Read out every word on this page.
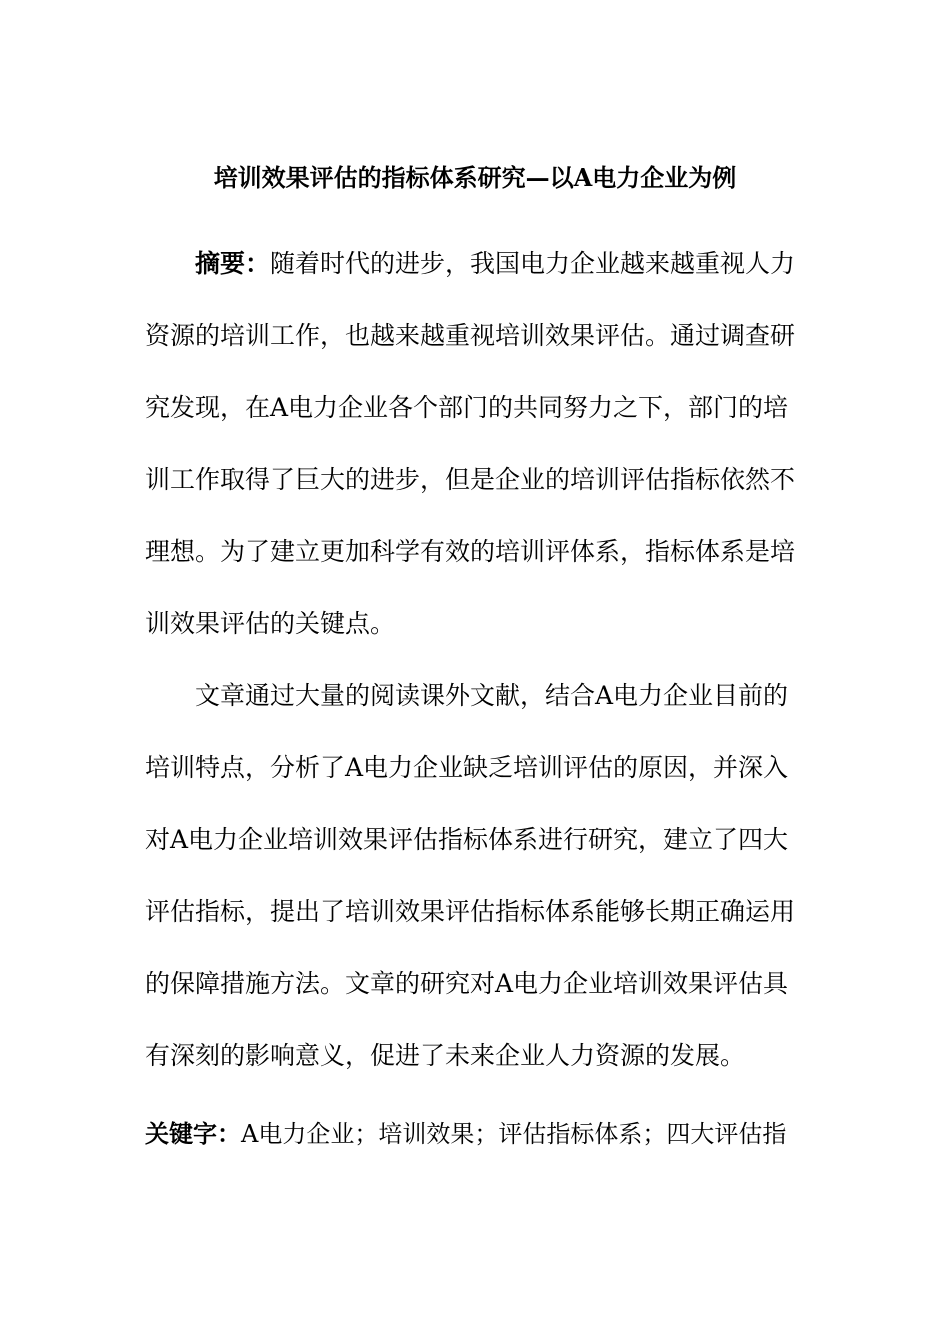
培训效果评估的指标体系研究—以A电力企业为例
摘要：随着时代的进步，我国电力企业越来越重视人力
资源的培训工作，也越来越重视培训效果评估。通过调查研
究发现，在A电力企业各个部门的共同努力之下，部门的培
训工作取得了巨大的进步，但是企业的培训评估指标依然不
理想。为了建立更加科学有效的培训评体系，指标体系是培
训效果评估的关键点。
文章通过大量的阅读课外文献，结合A电力企业目前的
培训特点，分析了A电力企业缺乏培训评估的原因，并深入
对A电力企业培训效果评估指标体系进行研究，建立了四大
评估指标，提出了培训效果评估指标体系能够长期正确运用
的保障措施方法。文章的研究对A电力企业培训效果评估具
有深刻的影响意义，促进了未来企业人力资源的发展。
关键字：A电力企业；培训效果；评估指标体系；四大评估指
